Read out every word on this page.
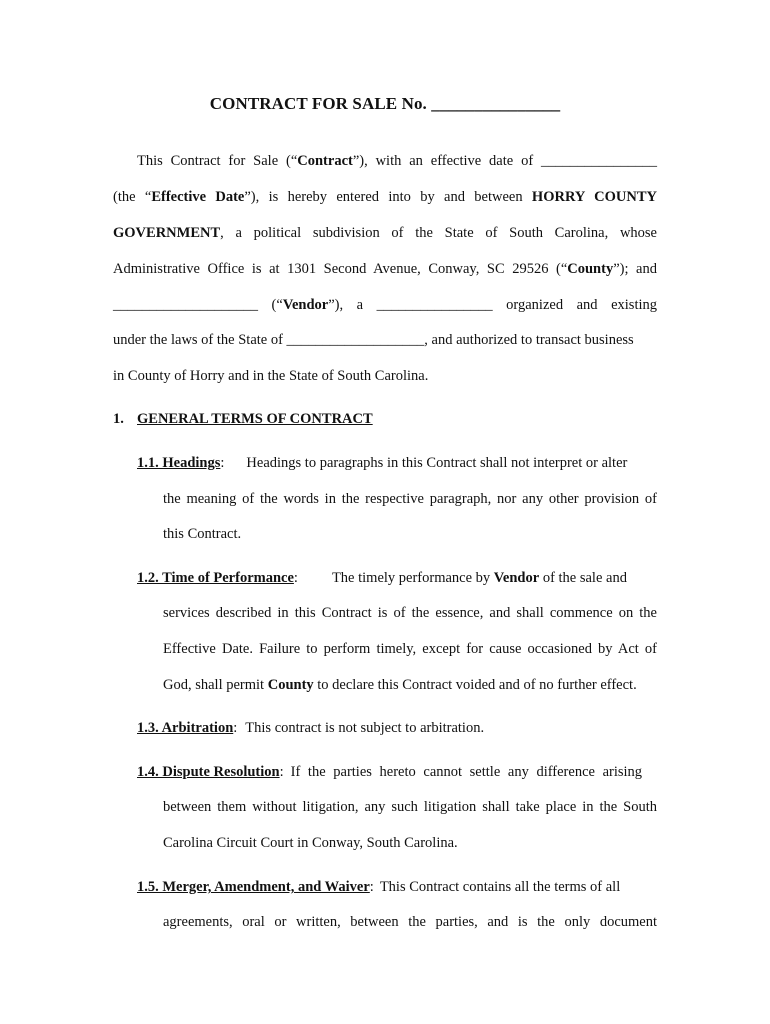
CONTRACT FOR SALE No. _______________
This Contract for Sale (“Contract”), with an effective date of ________________
(the “Effective Date”), is hereby entered into by and between HORRY COUNTY
GOVERNMENT, a political subdivision of the State of South Carolina, whose
Administrative Office is at 1301 Second Avenue, Conway, SC 29526 (“County”); and
____________________ (“Vendor”), a ________________ organized and existing
under the laws of the State of ___________________, and authorized to transact business
in County of Horry and in the State of South Carolina.
1. GENERAL TERMS OF CONTRACT
1.1. Headings: Headings to paragraphs in this Contract shall not interpret or alter
the meaning of the words in the respective paragraph, nor any other provision of
this Contract.
1.2. Time of Performance: The timely performance by Vendor of the sale and
services described in this Contract is of the essence, and shall commence on the
Effective Date. Failure to perform timely, except for cause occasioned by Act of
God, shall permit County to declare this Contract voided and of no further effect.
1.3. Arbitration: This contract is not subject to arbitration.
1.4. Dispute Resolution: If the parties hereto cannot settle any difference arising
between them without litigation, any such litigation shall take place in the South
Carolina Circuit Court in Conway, South Carolina.
1.5. Merger, Amendment, and Waiver: This Contract contains all the terms of all
agreements, oral or written, between the parties, and is the only document
